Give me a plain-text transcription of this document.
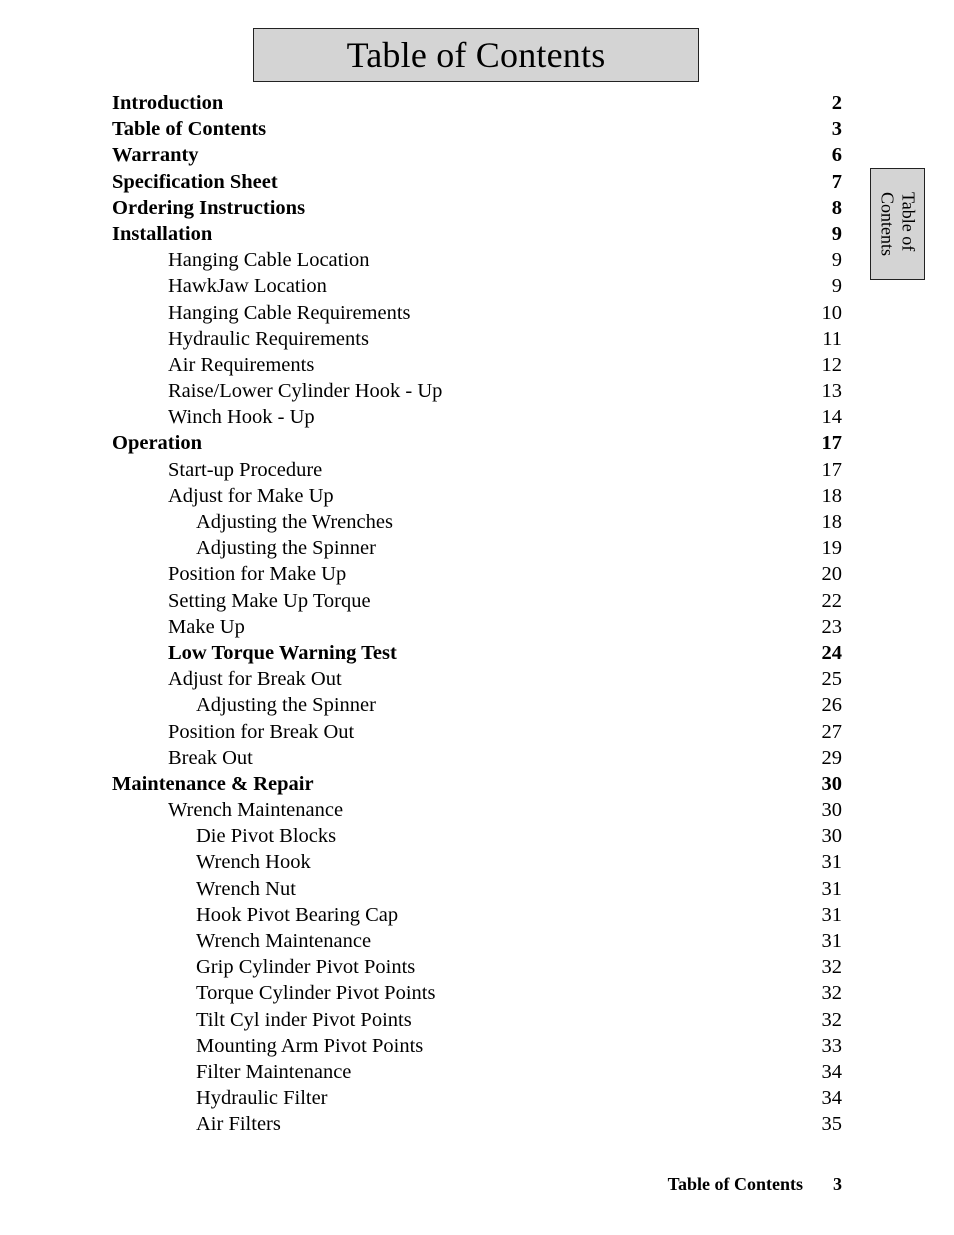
Table of Contents
Table of
Contents
Introduction	2
Table of Contents	3
Warranty	6
Specification Sheet	7
Ordering Instructions	8
Installation	9
Hanging Cable Location	9
HawkJaw Location	9
Hanging Cable Requirements	10
Hydraulic Requirements	11
Air Requirements	12
Raise/Lower Cylinder Hook - Up	13
Winch Hook - Up	14
Operation	17
Start-up Procedure	17
Adjust for Make Up	18
Adjusting the Wrenches	18
Adjusting the Spinner	19
Position for Make Up	20
Setting Make Up Torque	22
Make Up	23
Low Torque Warning Test	24
Adjust for Break Out	25
Adjusting the Spinner	26
Position for Break Out	27
Break Out	29
Maintenance & Repair	30
Wrench Maintenance	30
Die Pivot Blocks	30
Wrench Hook	31
Wrench Nut	31
Hook Pivot Bearing Cap	31
Wrench Maintenance	31
Grip Cylinder Pivot Points	32
Torque Cylinder Pivot Points	32
Tilt Cyl inder Pivot Points	32
Mounting Arm Pivot Points	33
Filter Maintenance	34
Hydraulic Filter	34
Air Filters	35
Table of Contents 3
